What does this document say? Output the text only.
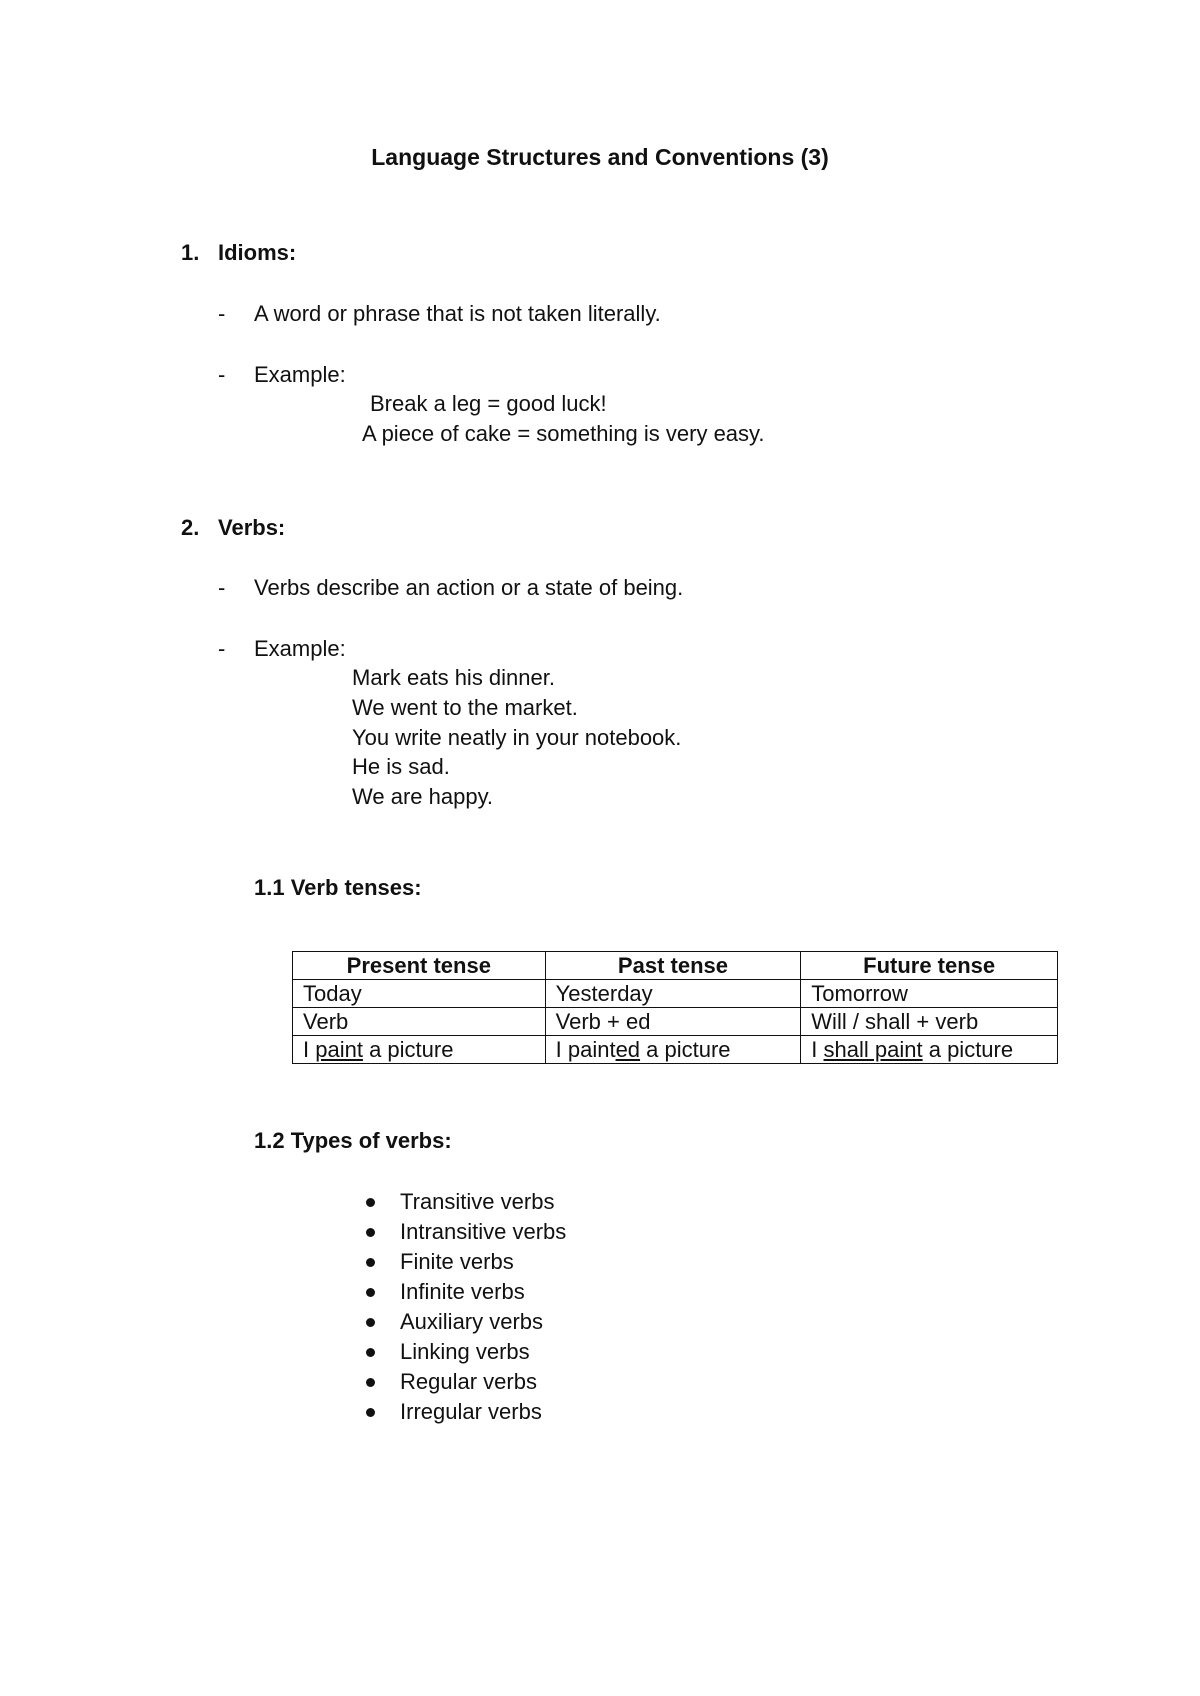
Language Structures and Conventions (3)
1. Idioms:
- A word or phrase that is not taken literally.
- Example:
Break a leg = good luck!
A piece of cake = something is very easy.
2. Verbs:
- Verbs describe an action or a state of being.
- Example:
Mark eats his dinner.
We went to the market.
You write neatly in your notebook.
He is sad.
We are happy.
1.1 Verb tenses:
Present tense	Past tense	Future tense
Today	Yesterday	Tomorrow
Verb	Verb + ed	Will / shall + verb
I paint a picture	I painted a picture	I shall paint a picture
1.2 Types of verbs:
Transitive verbs
Intransitive verbs
Finite verbs
Infinite verbs
Auxiliary verbs
Linking verbs
Regular verbs
Irregular verbs
